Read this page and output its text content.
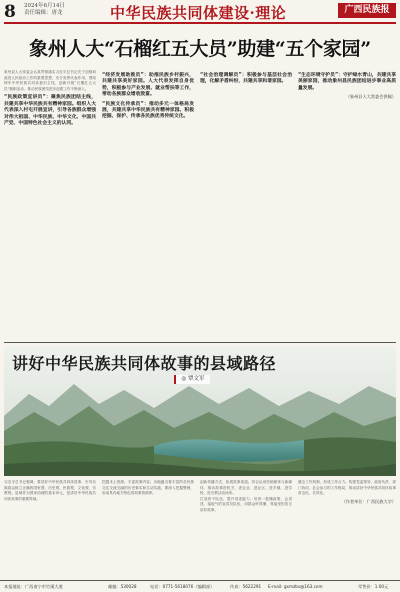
8 2024年6月14日
责任编辑：唐龙	中华民族共同体建设·理论	广西民族报
象州人大“石榴红五大员”助建“五个家园”
象州县人大常委会认真贯彻落实习近平总书记关于加强和改进人民政协工作的重要思想，充分发挥代表作用，围绕铸牢中华民族共同体意识主线，创新开展“石榴红五大员”履职活动，推动民族团结进步创建工作不断深入。
“民族政策宣讲员”：聚焦民族团结主线，共建共享中华民族共有精神家园。组织人大代表深入村屯开展宣讲，引导各族群众增强对伟大祖国、中华民族、中华文化、中国共产党、中国特色社会主义的认同。
“经济发展助推员”：助推民族乡村振兴，共建共享美好家园。人大代表发挥自身优势，积极参与产业发展、就业帮扶等工作，带动各族群众增收致富。
“民族文化传承员”：推动多元一体格局发展，共建共享中华民族共有精神家园。积极挖掘、保护、传承各民族优秀传统文化。
“社会治理调解员”：积极参与基层社会治理，化解矛盾纠纷，共建共享和谐家园。
“生态环境守护员”：守护绿水青山，共建共享美丽家园，推动象州县民族团结进步事业高质量发展。
（象州县人大常委会供稿）
讲好中华民族共同体故事的县域路径
◎ 覃文军
习近平总书记强调，要讲好中华民族共同体故事，引导各族群众树立正确的国家观、历史观、民族观、文化观、宗教观。县域作为国家治理的基本单元，是讲好中华民族共同体故事的重要阵地。
挖掘本土资源，丰富故事内容。各地蕴含着丰富的各民族交往交流交融的历史事实和生动实践，要深入挖掘整理，形成具有地方特色的故事资源库。
创新传播方式，拓展故事渠道。综合运用传统媒体与新媒体，推动故事进机关、进企业、进社区、进乡镇、进学校、进宗教活动场所。
打造骨干队伍，提升讲述能力。培育一批懂政策、会讲述、接地气的宣讲员队伍，用群众听得懂、易接受的语言讲好故事。
健全工作机制，形成工作合力。构建党委领导、政府负责、部门协同、社会参与的工作格局，推动讲好中华民族共同体故事常态化、长效化。
（作者单位：广西民族大学）
本报地址：广西南宁市竹溪大道	邮编：530028	电话：0771-5618076（编辑部）	传真：5622291 E-mail: gxmzbs@163.com	零售价：1.00元
